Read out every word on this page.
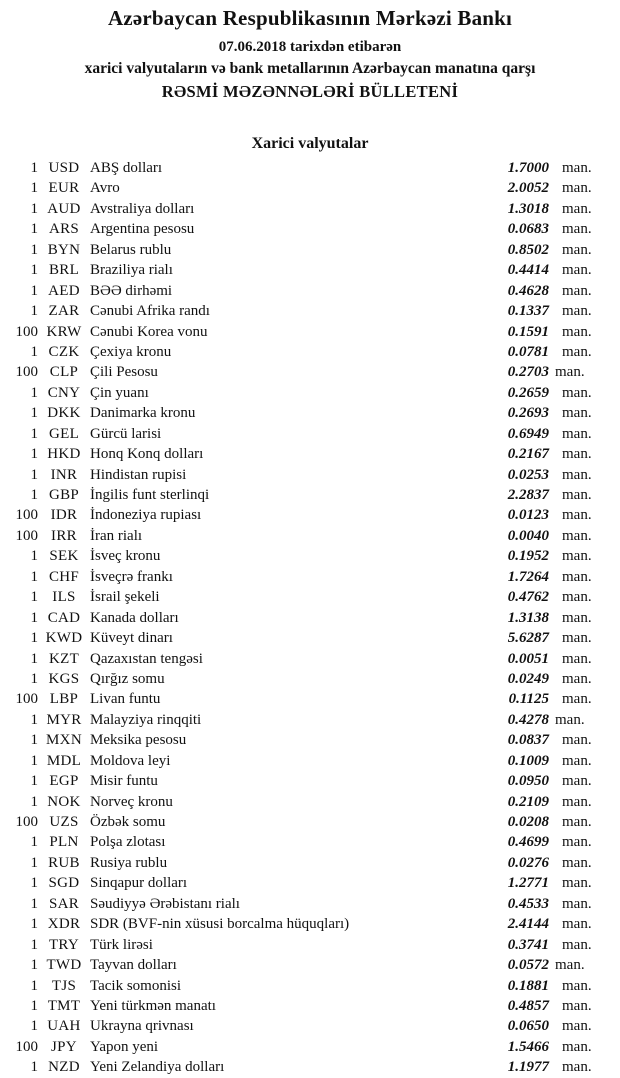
Azərbaycan Respublikasının Mərkəzi Bankı
07.06.2018 tarixdən etibarən
xarici valyutaların və bank metallarının Azərbaycan manatına qarşı
RƏSMİ MƏZƏNNƏLƏRİ BÜLLETENİ
Xarici valyutalar
1 USD ABŞ dolları	1.7000 man.
1 EUR Avro	2.0052 man.
1 AUD Avstraliya dolları	1.3018 man.
1 ARS Argentina pesosu	0.0683 man.
1 BYN Belarus rublu	0.8502 man.
1 BRL Braziliya rialı	0.4414 man.
1 AED BƏƏ dirhəmi	0.4628 man.
1 ZAR Cənubi Afrika randı	0.1337 man.
100 KRW Cənubi Korea vonu	0.1591 man.
1 CZK Çexiya kronu	0.0781 man.
100 CLP Çili Pesosu	0.2703 man.
1 CNY Çin yuanı	0.2659 man.
1 DKK Danimarka kronu	0.2693 man.
1 GEL Gürcü larisi	0.6949 man.
1 HKD Honq Konq dolları	0.2167 man.
1 INR Hindistan rupisi	0.0253 man.
1 GBP İngilis funt sterlinqi	2.2837 man.
100 IDR İndoneziya rupiası	0.0123 man.
100 IRR İran rialı	0.0040 man.
1 SEK İsveç kronu	0.1952 man.
1 CHF İsveçrə frankı	1.7264 man.
1 ILS İsrail şekeli	0.4762 man.
1 CAD Kanada dolları	1.3138 man.
1 KWD Küveyt dinarı	5.6287 man.
1 KZT Qazaxıstan tengəsi	0.0051 man.
1 KGS Qırğız somu	0.0249 man.
100 LBP Livan funtu	0.1125 man.
1 MYR Malayziya rinqqiti	0.4278 man.
1 MXN Meksika pesosu	0.0837 man.
1 MDL Moldova leyi	0.1009 man.
1 EGP Misir funtu	0.0950 man.
1 NOK Norveç kronu	0.2109 man.
100 UZS Özbək somu	0.0208 man.
1 PLN Polşa zlotası	0.4699 man.
1 RUB Rusiya rublu	0.0276 man.
1 SGD Sinqapur dolları	1.2771 man.
1 SAR Səudiyyə Ərəbistanı rialı	0.4533 man.
1 XDR SDR (BVF-nin xüsusi borcalma hüquqları)	2.4144 man.
1 TRY Türk lirəsi	0.3741 man.
1 TWD Tayvan dolları	0.0572 man.
1 TJS Tacik somonisi	0.1881 man.
1 TMT Yeni türkmən manatı	0.4857 man.
1 UAH Ukrayna qrivnası	0.0650 man.
100 JPY Yapon yeni	1.5466 man.
1 NZD Yeni Zelandiya dolları	1.1977 man.
